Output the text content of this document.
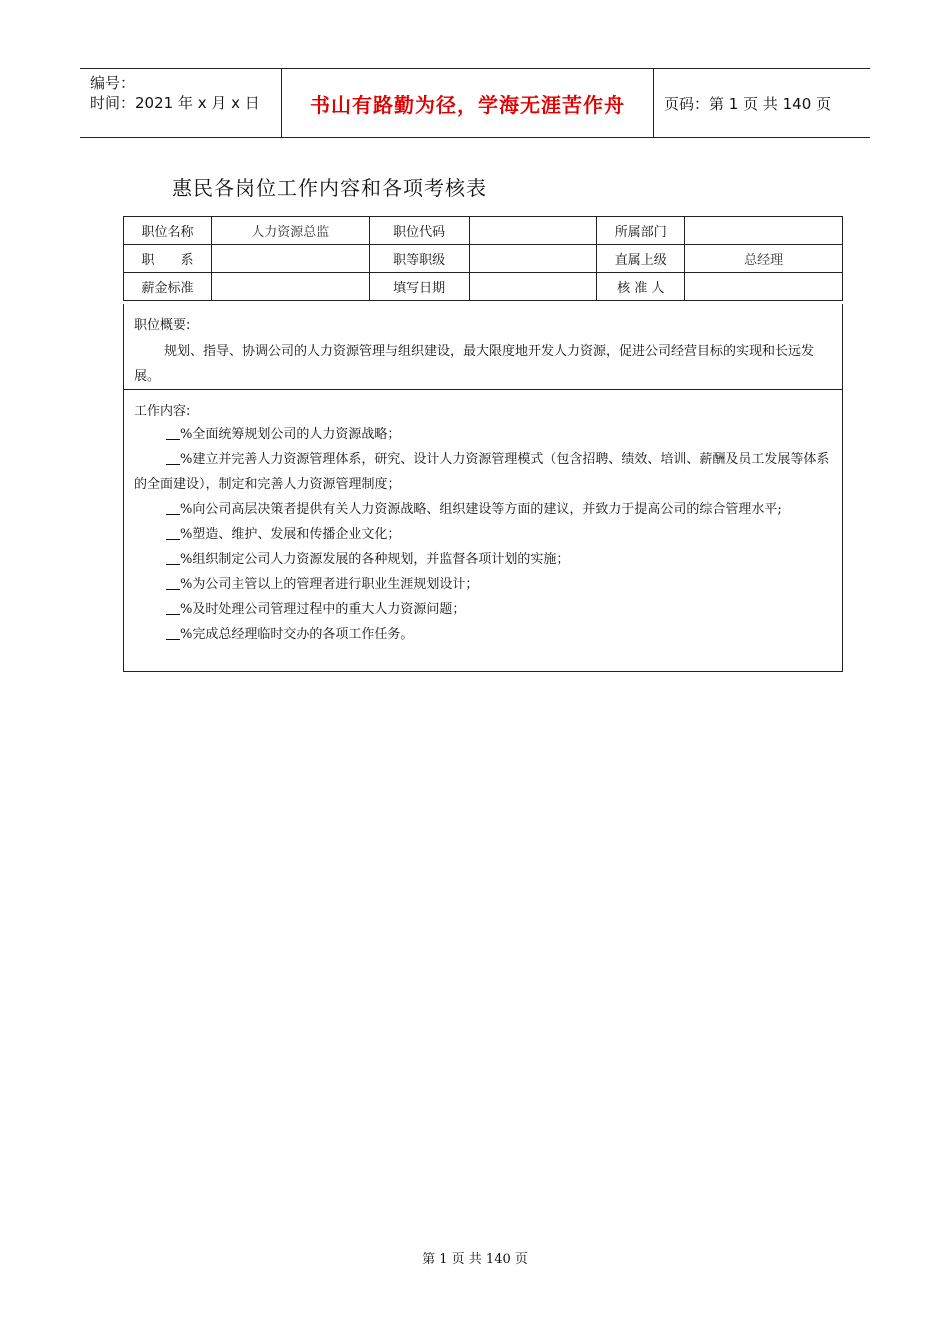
编号：
时间：2021 年 x 月 x 日	书山有路勤为径，学海无涯苦作舟	页码：第 1 页 共 140 页
惠民各岗位工作内容和各项考核表
职位名称	人力资源总监	职位代码		所属部门	
职　　系		职等职级		直属上级	总经理
薪金标准		填写日期		核 准 人	
职位概要:

规划、指导、协调公司的人力资源管理与组织建设，最大限度地开发人力资源，促进公司经营目标的实现和长远发展。

工作内容:

%全面统筹规划公司的人力资源战略；

%建立并完善人力资源管理体系，研究、设计人力资源管理模式（包含招聘、绩效、培训、薪酬及员工发展等体系的全面建设），制定和完善人力资源管理制度；

%向公司高层决策者提供有关人力资源战略、组织建设等方面的建议，并致力于提高公司的综合管理水平;

%塑造、维护、发展和传播企业文化；

%组织制定公司人力资源发展的各种规划，并监督各项计划的实施；

%为公司主管以上的管理者进行职业生涯规划设计；

%及时处理公司管理过程中的重大人力资源问题；

%完成总经理临时交办的各项工作任务。

第 1 页 共 140 页
